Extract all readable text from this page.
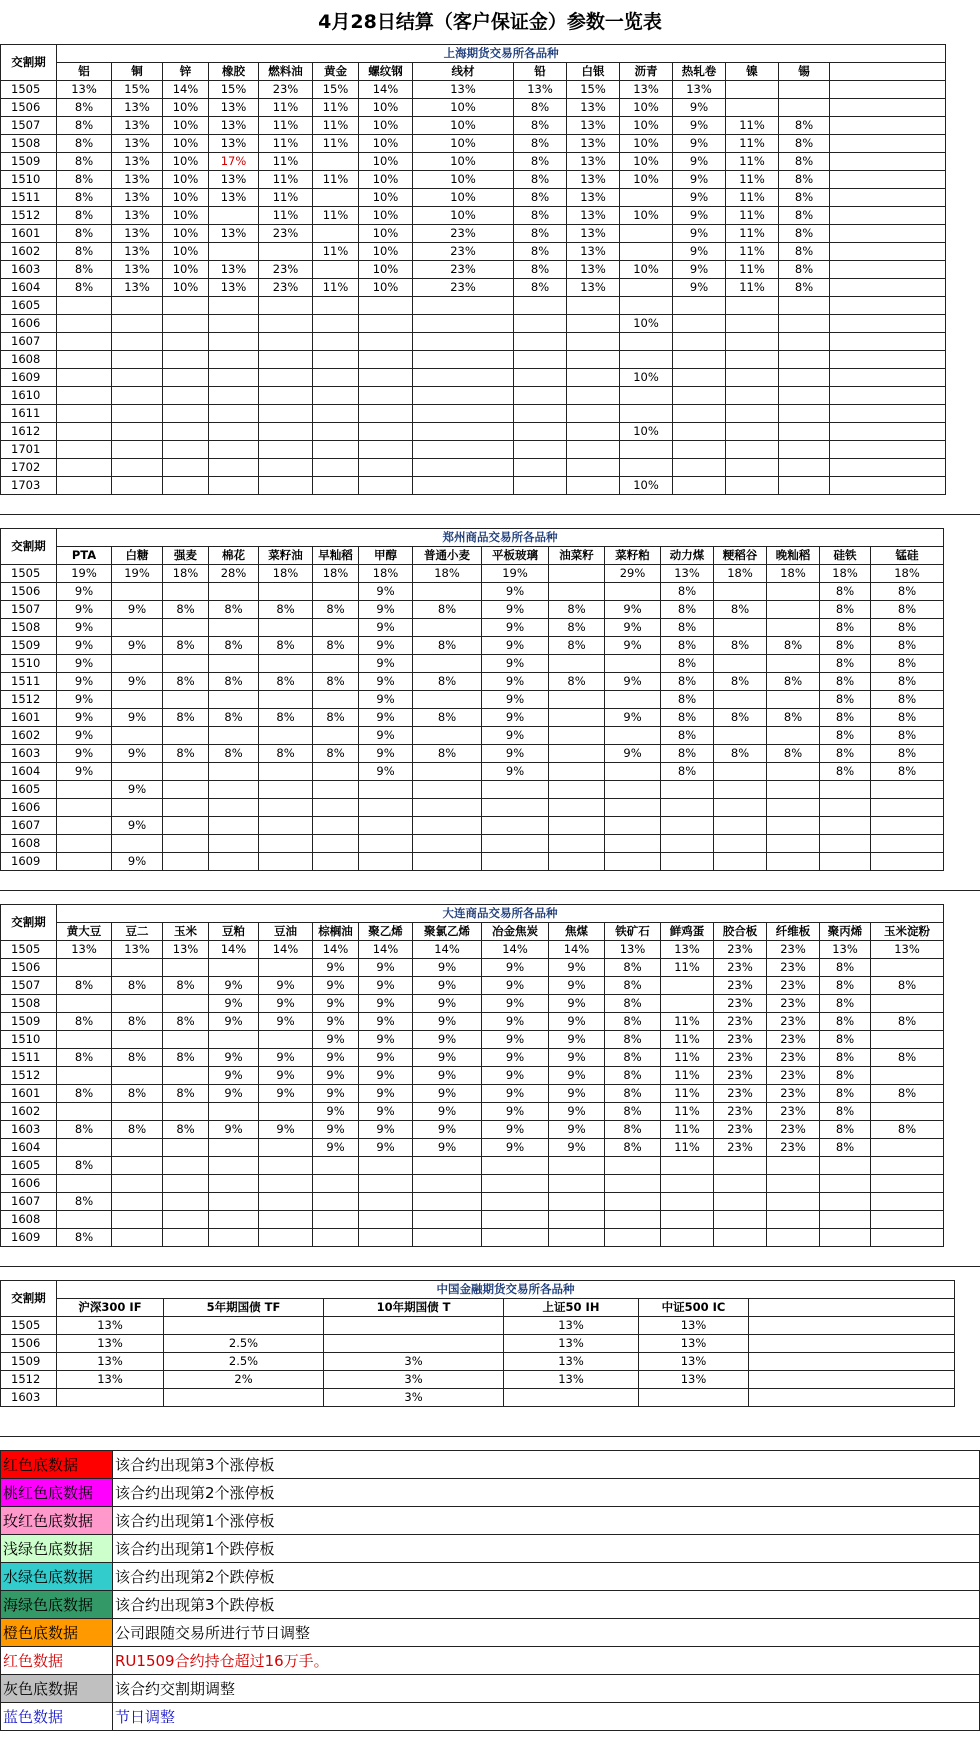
4月28日结算（客户保证金）参数一览表
交割期	上海期货交易所各品种														
	铝	铜	锌	橡胶	燃料油	黄金	螺纹钢	线材	铅	白银	沥青	热轧卷	镍	锡	
1505	13%	15%	14%	15%	23%	15%	14%	13%	13%	15%	13%	13%			
1506	8%	13%	10%	13%	11%	11%	10%	10%	8%	13%	10%	9%			
1507	8%	13%	10%	13%	11%	11%	10%	10%	8%	13%	10%	9%	11%	8%	
1508	8%	13%	10%	13%	11%	11%	10%	10%	8%	13%	10%	9%	11%	8%	
1509	8%	13%	10%	17%	11%		10%	10%	8%	13%	10%	9%	11%	8%	
1510	8%	13%	10%	13%	11%	11%	10%	10%	8%	13%	10%	9%	11%	8%	
1511	8%	13%	10%	13%	11%		10%	10%	8%	13%		9%	11%	8%	
1512	8%	13%	10%		11%	11%	10%	10%	8%	13%	10%	9%	11%	8%	
1601	8%	13%	10%	13%	23%		10%	23%	8%	13%		9%	11%	8%	
1602	8%	13%	10%			11%	10%	23%	8%	13%		9%	11%	8%	
1603	8%	13%	10%	13%	23%		10%	23%	8%	13%	10%	9%	11%	8%	
1604	8%	13%	10%	13%	23%	11%	10%	23%	8%	13%		9%	11%	8%	
1605															
1606											10%				
1607															
1608															
1609											10%				
1610															
1611															
1612											10%				
1701															
1702															
1703											10%				
交割期	郑州商品交易所各品种															
	PTA	白糖	强麦	棉花	菜籽油	早籼稻	甲醇	普通小麦	平板玻璃	油菜籽	菜籽粕	动力煤	粳稻谷	晚籼稻	硅铁	锰硅
1505	19%	19%	18%	28%	18%	18%	18%	18%	19%		29%	13%	18%	18%	18%	18%
1506	9%						9%		9%			8%			8%	8%
1507	9%	9%	8%	8%	8%	8%	9%	8%	9%	8%	9%	8%	8%		8%	8%
1508	9%						9%		9%	8%	9%	8%			8%	8%
1509	9%	9%	8%	8%	8%	8%	9%	8%	9%	8%	9%	8%	8%	8%	8%	8%
1510	9%						9%		9%			8%			8%	8%
1511	9%	9%	8%	8%	8%	8%	9%	8%	9%	8%	9%	8%	8%	8%	8%	8%
1512	9%						9%		9%			8%			8%	8%
1601	9%	9%	8%	8%	8%	8%	9%	8%	9%		9%	8%	8%	8%	8%	8%
1602	9%						9%		9%			8%			8%	8%
1603	9%	9%	8%	8%	8%	8%	9%	8%	9%		9%	8%	8%	8%	8%	8%
1604	9%						9%		9%			8%			8%	8%
1605		9%														
1606																
1607		9%														
1608																
1609		9%														
交割期	大连商品交易所各品种															
	黄大豆	豆二	玉米	豆粕	豆油	棕榈油	聚乙烯	聚氯乙烯	冶金焦炭	焦煤	铁矿石	鲜鸡蛋	胶合板	纤维板	聚丙烯	玉米淀粉
1505	13%	13%	13%	14%	14%	14%	14%	14%	14%	14%	13%	13%	23%	23%	13%	13%
1506						9%	9%	9%	9%	9%	8%	11%	23%	23%	8%	
1507	8%	8%	8%	9%	9%	9%	9%	9%	9%	9%	8%		23%	23%	8%	8%
1508				9%	9%	9%	9%	9%	9%	9%	8%		23%	23%	8%	
1509	8%	8%	8%	9%	9%	9%	9%	9%	9%	9%	8%	11%	23%	23%	8%	8%
1510						9%	9%	9%	9%	9%	8%	11%	23%	23%	8%	
1511	8%	8%	8%	9%	9%	9%	9%	9%	9%	9%	8%	11%	23%	23%	8%	8%
1512				9%	9%	9%	9%	9%	9%	9%	8%	11%	23%	23%	8%	
1601	8%	8%	8%	9%	9%	9%	9%	9%	9%	9%	8%	11%	23%	23%	8%	8%
1602						9%	9%	9%	9%	9%	8%	11%	23%	23%	8%	
1603	8%	8%	8%	9%	9%	9%	9%	9%	9%	9%	8%	11%	23%	23%	8%	8%
1604						9%	9%	9%	9%	9%	8%	11%	23%	23%	8%	
1605	8%															
1606																
1607	8%															
1608																
1609	8%															
交割期	中国金融期货交易所各品种					
	沪深300 IF	5年期国债 TF	10年期国债 T	上证50 IH	中证500 IC	
1505	13%			13%	13%	
1506	13%	2.5%		13%	13%	
1509	13%	2.5%	3%	13%	13%	
1512	13%	2%	3%	13%	13%	
1603			3%			
红色底数据	该合约出现第3个涨停板
桃红色底数据	该合约出现第2个涨停板
玫红色底数据	该合约出现第1个涨停板
浅绿色底数据	该合约出现第1个跌停板
水绿色底数据	该合约出现第2个跌停板
海绿色底数据	该合约出现第3个跌停板
橙色底数据	公司跟随交易所进行节日调整
红色数据	RU1509合约持仓超过16万手。
灰色底数据	该合约交割期调整
蓝色数据	节日调整
